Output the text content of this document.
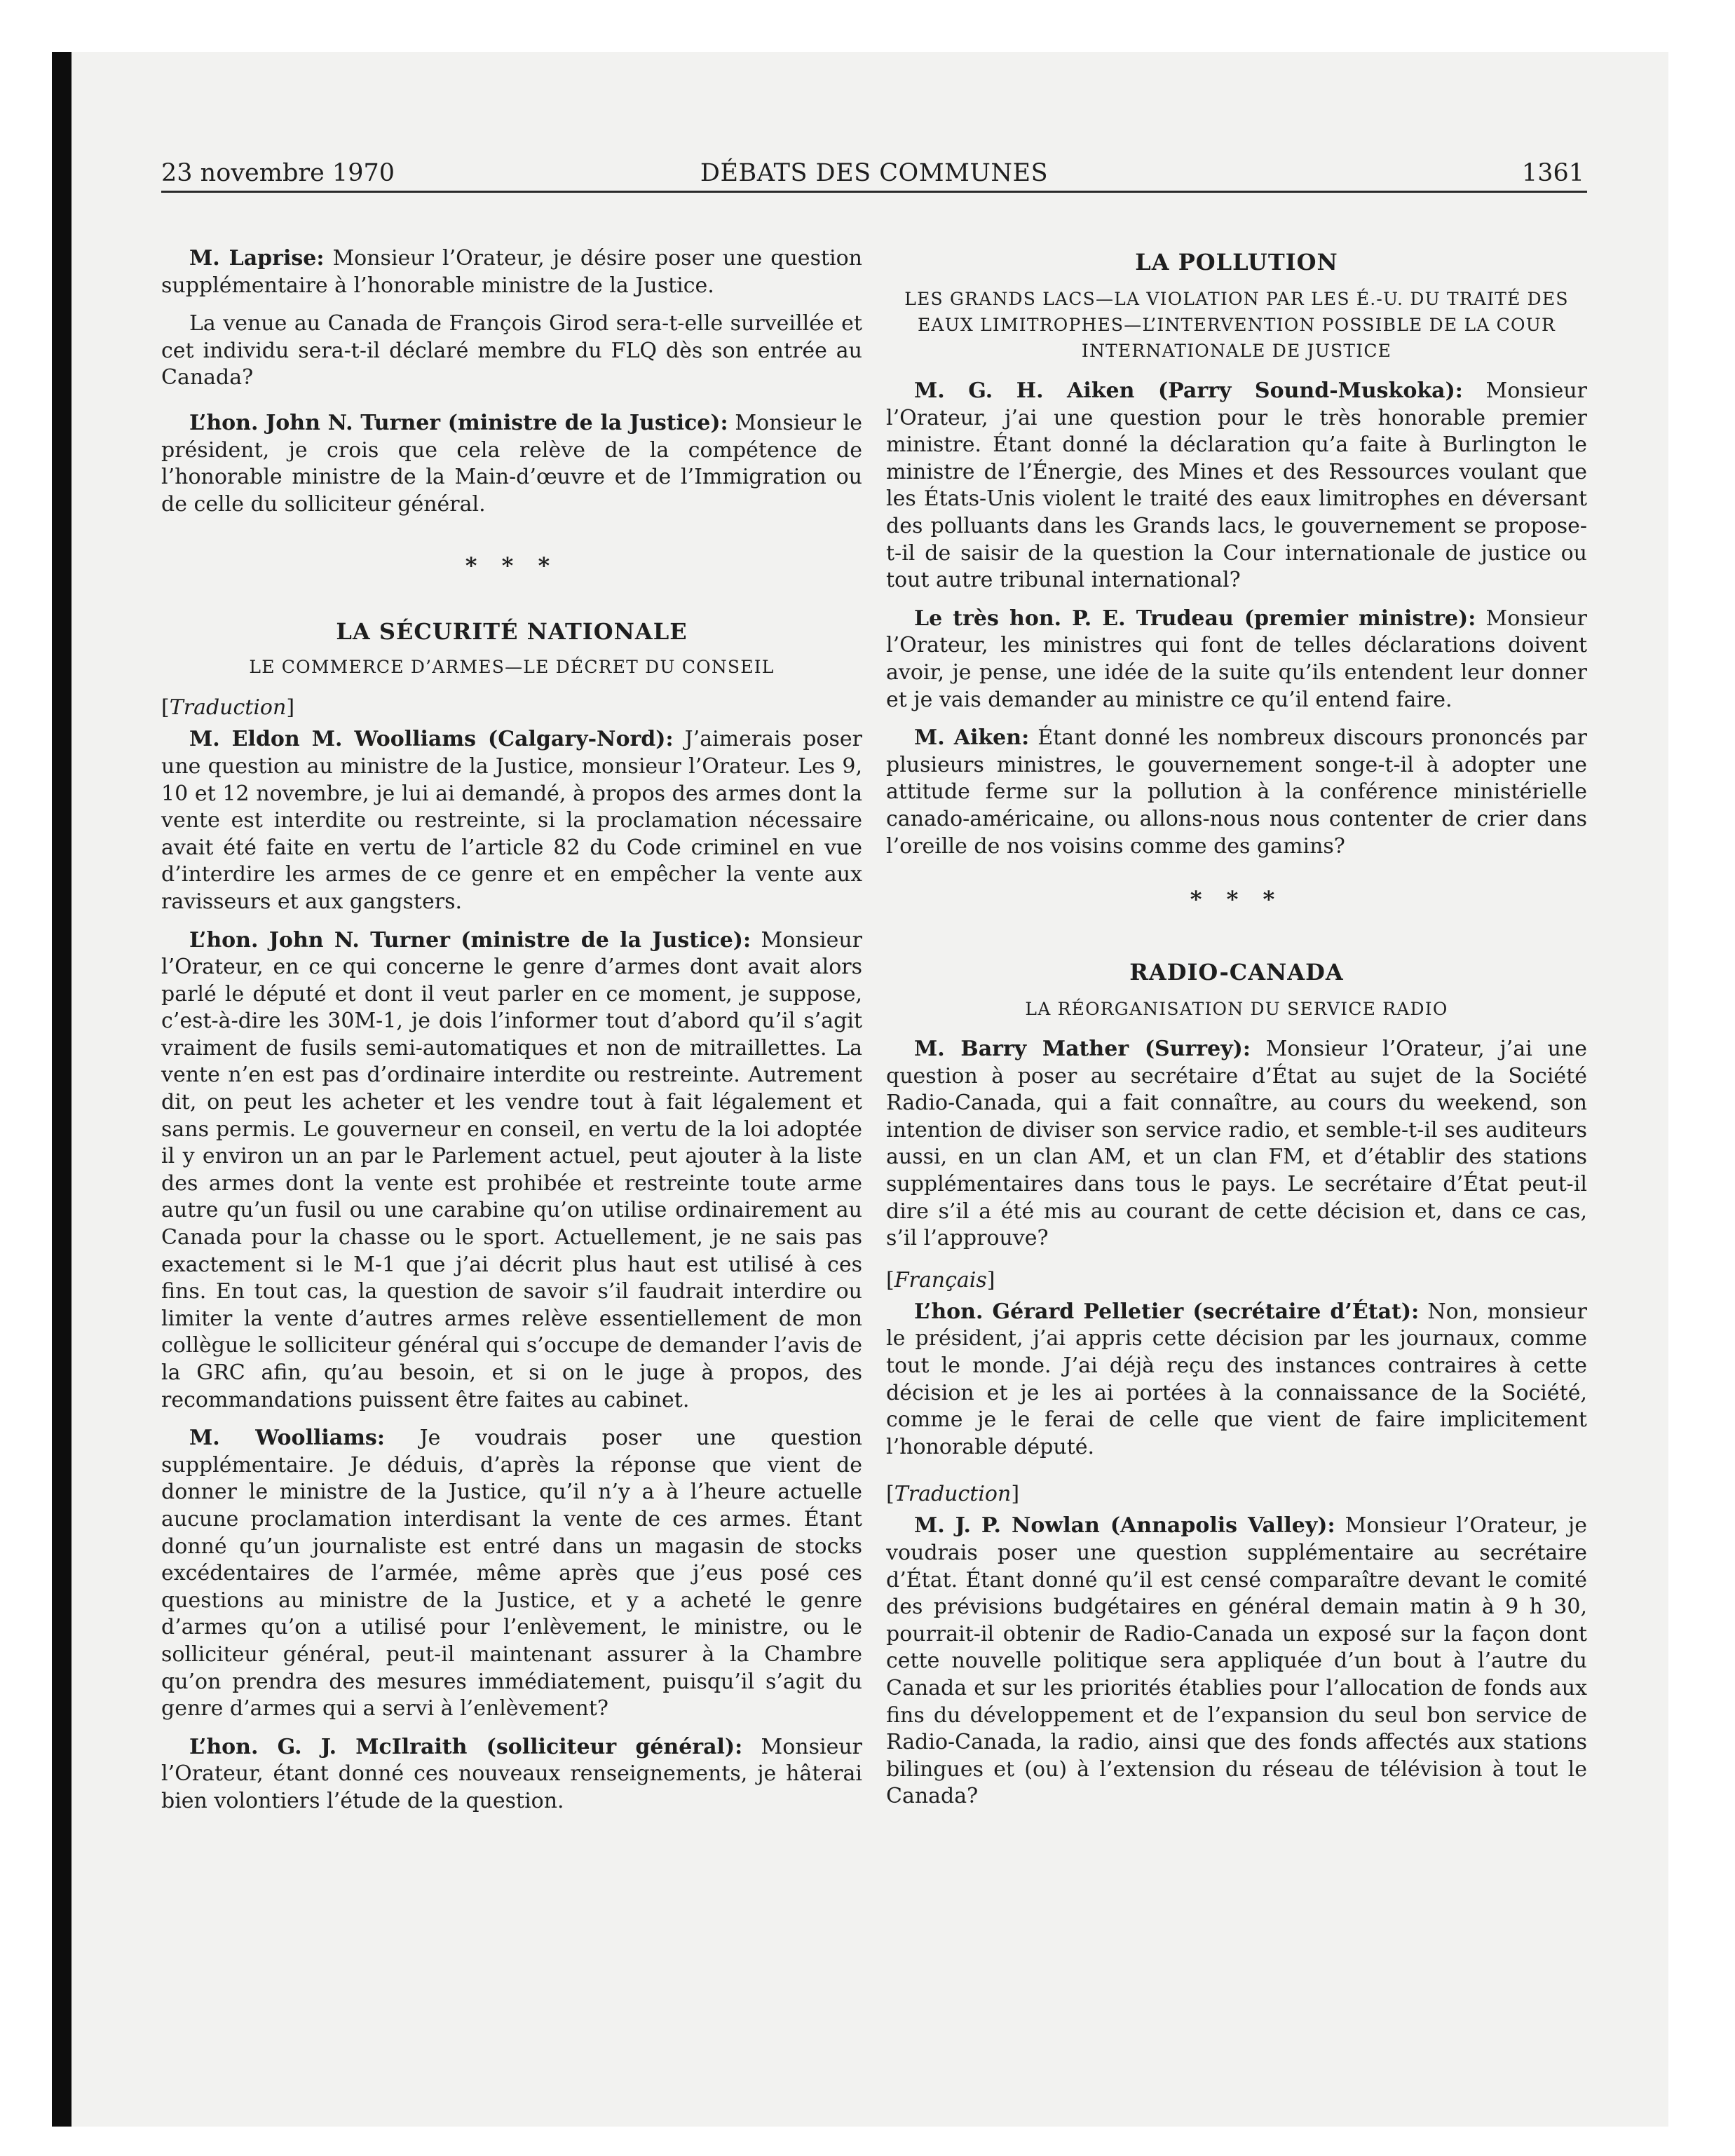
23 novembre 1970	DÉBATS DES COMMUNES	1361

M. Laprise: Monsieur l’Orateur, je désire poser une question supplémentaire à l’honorable ministre de la Justice.

La venue au Canada de François Girod sera-t-elle surveillée et cet individu sera-t-il déclaré membre du FLQ dès son entrée au Canada?

L’hon. John N. Turner (ministre de la Justice): Monsieur le président, je crois que cela relève de la compétence de l’honorable ministre de la Main-d’œuvre et de l’Immigration ou de celle du solliciteur général.

* * *
LA SÉCURITÉ NATIONALE
LE COMMERCE D’ARMES—LE DÉCRET DU CONSEIL
[Traduction]

M. Eldon M. Woolliams (Calgary-Nord): J’aimerais poser une question au ministre de la Justice, monsieur l’Orateur. Les 9, 10 et 12 novembre, je lui ai demandé, à propos des armes dont la vente est interdite ou restreinte, si la proclamation nécessaire avait été faite en vertu de l’article 82 du Code criminel en vue d’interdire les armes de ce genre et en empêcher la vente aux ravisseurs et aux gangsters.

L’hon. John N. Turner (ministre de la Justice): Monsieur l’Orateur, en ce qui concerne le genre d’armes dont avait alors parlé le député et dont il veut parler en ce moment, je suppose, c’est-à-dire les 30M-1, je dois l’informer tout d’abord qu’il s’agit vraiment de fusils semi-automatiques et non de mitraillettes. La vente n’en est pas d’ordinaire interdite ou restreinte. Autrement dit, on peut les acheter et les vendre tout à fait légalement et sans permis. Le gouverneur en conseil, en vertu de la loi adoptée il y environ un an par le Parlement actuel, peut ajouter à la liste des armes dont la vente est prohibée et restreinte toute arme autre qu’un fusil ou une carabine qu’on utilise ordinairement au Canada pour la chasse ou le sport. Actuellement, je ne sais pas exactement si le M-1 que j’ai décrit plus haut est utilisé à ces fins. En tout cas, la question de savoir s’il faudrait interdire ou limiter la vente d’autres armes relève essentiellement de mon collègue le solliciteur général qui s’occupe de demander l’avis de la GRC afin, qu’au besoin, et si on le juge à propos, des recommandations puissent être faites au cabinet.

M. Woolliams: Je voudrais poser une question supplémentaire. Je déduis, d’après la réponse que vient de donner le ministre de la Justice, qu’il n’y a à l’heure actuelle aucune proclamation interdisant la vente de ces armes. Étant donné qu’un journaliste est entré dans un magasin de stocks excédentaires de l’armée, même après que j’eus posé ces questions au ministre de la Justice, et y a acheté le genre d’armes qu’on a utilisé pour l’enlèvement, le ministre, ou le solliciteur général, peut-il maintenant assurer à la Chambre qu’on prendra des mesures immédiatement, puisqu’il s’agit du genre d’armes qui a servi à l’enlèvement?

L’hon. G. J. McIlraith (solliciteur général): Monsieur l’Orateur, étant donné ces nouveaux renseignements, je hâterai bien volontiers l’étude de la question.

LA POLLUTION
LES GRANDS LACS—LA VIOLATION PAR LES É.-U. DU TRAITÉ DES EAUX LIMITROPHES—L’INTERVENTION POSSIBLE DE LA COUR INTERNATIONALE DE JUSTICE

M. G. H. Aiken (Parry Sound-Muskoka): Monsieur l’Orateur, j’ai une question pour le très honorable premier ministre. Étant donné la déclaration qu’a faite à Burlington le ministre de l’Énergie, des Mines et des Ressources voulant que les États-Unis violent le traité des eaux limitrophes en déversant des polluants dans les Grands lacs, le gouvernement se propose-t-il de saisir de la question la Cour internationale de justice ou tout autre tribunal international?

Le très hon. P. E. Trudeau (premier ministre): Monsieur l’Orateur, les ministres qui font de telles déclarations doivent avoir, je pense, une idée de la suite qu’ils entendent leur donner et je vais demander au ministre ce qu’il entend faire.

M. Aiken: Étant donné les nombreux discours prononcés par plusieurs ministres, le gouvernement songe-t-il à adopter une attitude ferme sur la pollution à la conférence ministérielle canado-américaine, ou allons-nous nous contenter de crier dans l’oreille de nos voisins comme des gamins?

* * *
RADIO-CANADA
LA RÉORGANISATION DU SERVICE RADIO

M. Barry Mather (Surrey): Monsieur l’Orateur, j’ai une question à poser au secrétaire d’État au sujet de la Société Radio-Canada, qui a fait connaître, au cours du weekend, son intention de diviser son service radio, et semble-t-il ses auditeurs aussi, en un clan AM, et un clan FM, et d’établir des stations supplémentaires dans tous le pays. Le secrétaire d’État peut-il dire s’il a été mis au courant de cette décision et, dans ce cas, s’il l’approuve?

[Français]

L’hon. Gérard Pelletier (secrétaire d’État): Non, monsieur le président, j’ai appris cette décision par les journaux, comme tout le monde. J’ai déjà reçu des instances contraires à cette décision et je les ai portées à la connaissance de la Société, comme je le ferai de celle que vient de faire implicitement l’honorable député.

[Traduction]

M. J. P. Nowlan (Annapolis Valley): Monsieur l’Orateur, je voudrais poser une question supplémentaire au secrétaire d’État. Étant donné qu’il est censé comparaître devant le comité des prévisions budgétaires en général demain matin à 9 h 30, pourrait-il obtenir de Radio-Canada un exposé sur la façon dont cette nouvelle politique sera appliquée d’un bout à l’autre du Canada et sur les priorités établies pour l’allocation de fonds aux fins du développement et de l’expansion du seul bon service de Radio-Canada, la radio, ainsi que des fonds affectés aux stations bilingues et (ou) à l’extension du réseau de télévision à tout le Canada?
